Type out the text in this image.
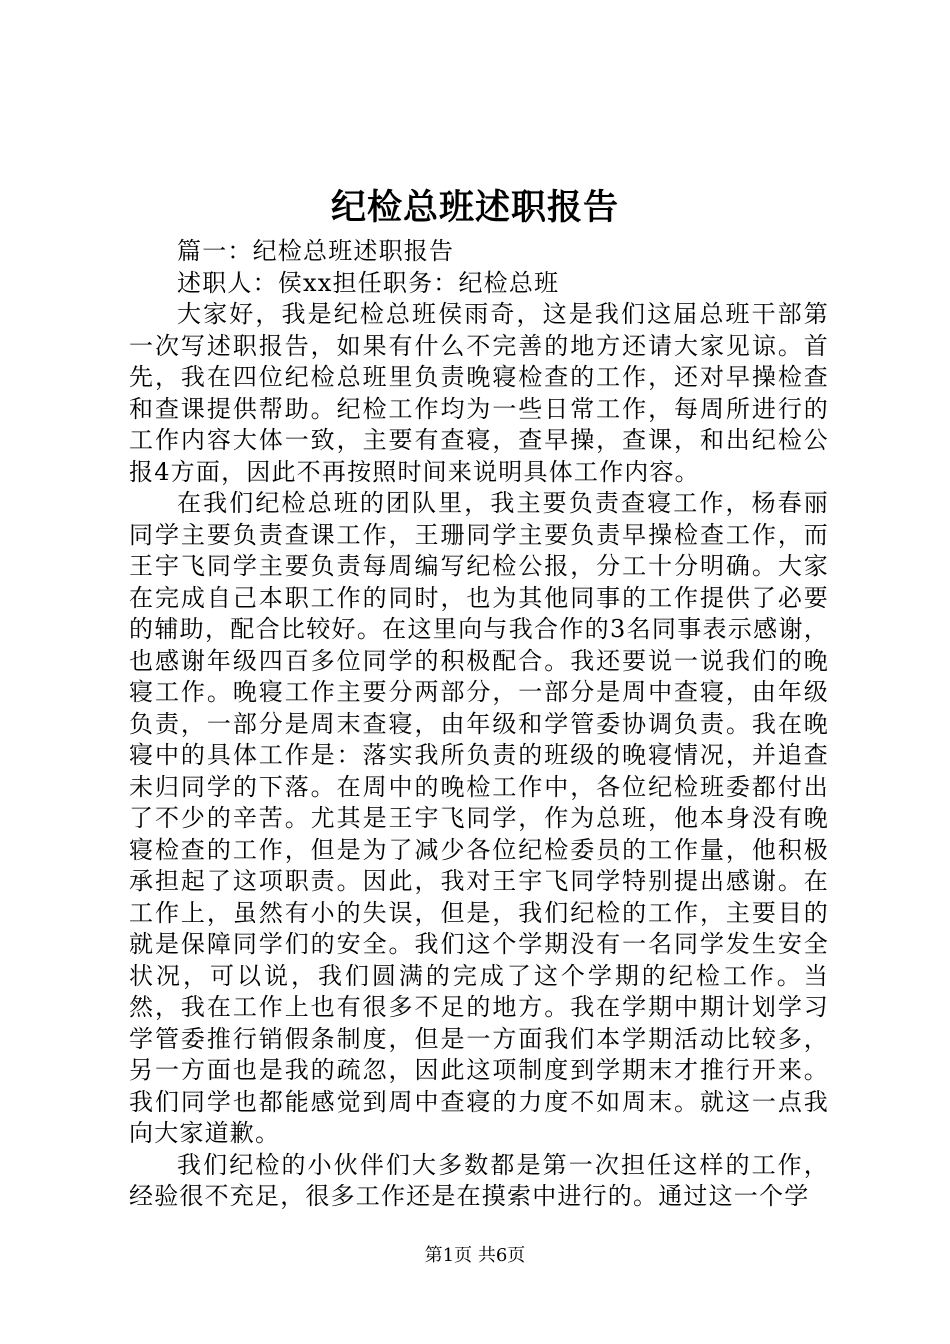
纪检总班述职报告

篇一：纪检总班述职报告

述职人：侯xx担任职务：纪检总班

大家好，我是纪检总班侯雨奇，这是我们这届总班干部第一次写述职报告，如果有什么不完善的地方还请大家见谅。首先，我在四位纪检总班里负责晚寝检查的工作，还对早操检查和查课提供帮助。纪检工作均为一些日常工作，每周所进行的工作内容大体一致，主要有查寝，查早操，查课，和出纪检公报4方面，因此不再按照时间来说明具体工作内容。

在我们纪检总班的团队里，我主要负责查寝工作，杨春丽同学主要负责查课工作，王珊同学主要负责早操检查工作，而王宇飞同学主要负责每周编写纪检公报，分工十分明确。大家在完成自己本职工作的同时，也为其他同事的工作提供了必要的辅助，配合比较好。在这里向与我合作的3名同事表示感谢，也感谢年级四百多位同学的积极配合。我还要说一说我们的晚寝工作。晚寝工作主要分两部分，一部分是周中查寝，由年级负责，一部分是周末查寝，由年级和学管委协调负责。我在晚寝中的具体工作是：落实我所负责的班级的晚寝情况，并追查未归同学的下落。在周中的晚检工作中，各位纪检班委都付出了不少的辛苦。尤其是王宇飞同学，作为总班，他本身没有晚寝检查的工作，但是为了减少各位纪检委员的工作量，他积极承担起了这项职责。因此，我对王宇飞同学特别提出感谢。在工作上，虽然有小的失误，但是，我们纪检的工作，主要目的就是保障同学们的安全。我们这个学期没有一名同学发生安全状况，可以说，我们圆满的完成了这个学期的纪检工作。当然，我在工作上也有很多不足的地方。我在学期中期计划学习学管委推行销假条制度，但是一方面我们本学期活动比较多，另一方面也是我的疏忽，因此这项制度到学期末才推行开来。我们同学也都能感觉到周中查寝的力度不如周末。就这一点我向大家道歉。

我们纪检的小伙伴们大多数都是第一次担任这样的工作，经验很不充足，很多工作还是在摸索中进行的。通过这一个学

第1页 共6页
